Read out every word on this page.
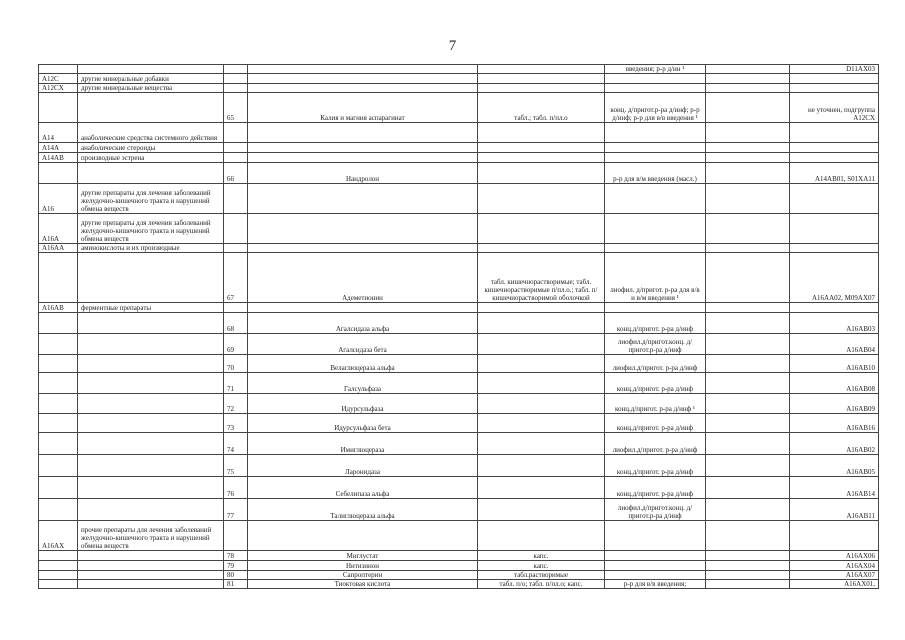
7
					введения; р-р д/ин ¹		D11AX03
A12C	другие минеральные добавки						
A12CX	другие минеральные вещества						
		65	Калия и магния аспарагинат	табл.; табл. п/пл.о	конц. д/пригот.р-ра д/инф; р-р д/инф; р-р для в/в введения ¹		не уточнен, подгруппа A12CX
A14	анаболические средства системного действия						
A14A	анаболические стероиды						
A14AB	производные эстрена						
		66	Нандролон		р-р для в/м введения (масл.)		A14AB01, S01XA11
A16	другие препараты для лечения заболеваний желудочно-кишечного тракта и нарушений обмена веществ						
A16A	другие препараты для лечения заболеваний желудочно-кишечного тракта и нарушений обмена веществ						
A16AA	аминокислоты и их производные						
		67	Адеметионин	табл. кишечнорастворимые; табл. кишечнорастворимые п/пл.о.; табл. п/кишечнорастворимой оболочкой	лиофил. д/пригот. р-ра для в/в и в/м введения ¹		A16AA02, M09AX07
A16AB	ферментные препараты						
		68	Агалсидаза альфа		конц.д/пригот. р-ра д/инф		A16AB03
		69	Агалсидаза бета		лиофил.д/пригот.конц. д/пригот.р-ра д/инф		A16AB04
		70	Велаглюцераза альфа		лиофил.д/пригот. р-ра д/инф		A16AB10
		71	Галсульфаза		конц.д/пригот. р-ра д/инф		A16AB08
		72	Идурсульфаза		конц.д/пригот. р-ра д/инф ¹		A16AB09
		73	Идурсульфаза бета		конц.д/пригот. р-ра д/инф		A16AB16
		74	Имиглюцераза		лиофил.д/пригот. р-ра д/инф		A16AB02
		75	Ларонидаза		конц.д/пригот. р-ра д/инф		A16AB05
		76	Себелипаза альфа		конц.д/пригот. р-ра д/инф		A16AB14
		77	Талиглюцераза альфа		лиофил.д/пригот.конц. д/пригот.р-ра д/инф		A16AB11
A16AX	прочие препараты для лечения заболеваний желудочно-кишечного тракта и нарушений обмена веществ						
		78	Миглустат	капс.			A16AX06
		79	Нитизинон	капс.			A16AX04
		80	Сапроптерин	табл.растворимые			A16AX07
		81	Тиоктовая кислота	табл. п/о; табл. п/пл.о; капс.	р-р для в/в введения;		A16AX01,
